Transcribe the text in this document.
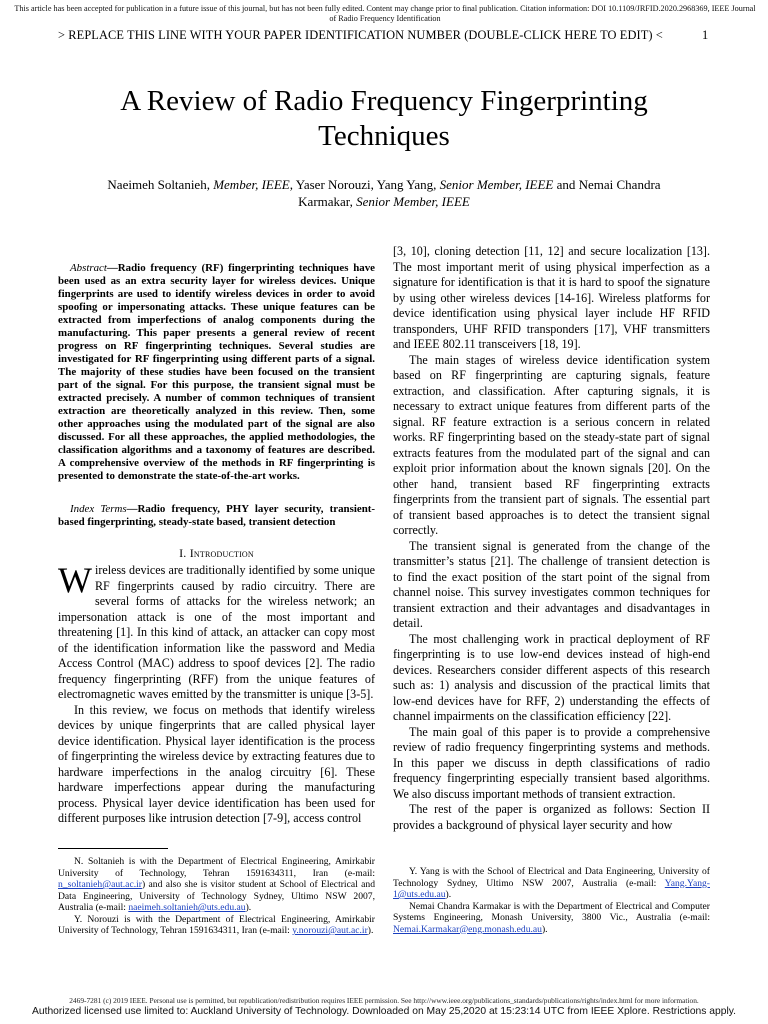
This article has been accepted for publication in a future issue of this journal, but has not been fully edited. Content may change prior to final publication. Citation information: DOI 10.1109/JRFID.2020.2968369, IEEE Journal of Radio Frequency Identification
> REPLACE THIS LINE WITH YOUR PAPER IDENTIFICATION NUMBER (DOUBLE-CLICK HERE TO EDIT) <	1
A Review of Radio Frequency Fingerprinting Techniques
Naeimeh Soltanieh, Member, IEEE, Yaser Norouzi, Yang Yang, Senior Member, IEEE and Nemai Chandra Karmakar, Senior Member, IEEE
Abstract—Radio frequency (RF) fingerprinting techniques have been used as an extra security layer for wireless devices. Unique fingerprints are used to identify wireless devices in order to avoid spoofing or impersonating attacks. These unique features can be extracted from imperfections of analog components during the manufacturing. This paper presents a general review of recent progress on RF fingerprinting techniques. Several studies are investigated for RF fingerprinting using different parts of a signal. The majority of these studies have been focused on the transient part of the signal. For this purpose, the transient signal must be extracted precisely. A number of common techniques of transient extraction are theoretically analyzed in this review. Then, some other approaches using the modulated part of the signal are also discussed. For all these approaches, the applied methodologies, the classification algorithms and a taxonomy of features are described. A comprehensive overview of the methods in RF fingerprinting is presented to demonstrate the state-of-the-art works.
Index Terms—Radio frequency, PHY layer security, transient-based fingerprinting, steady-state based, transient detection
I. Introduction

Wireless devices are traditionally identified by some unique RF fingerprints caused by radio circuitry. There are several forms of attacks for the wireless network; an impersonation attack is one of the most important and threatening [1]. In this kind of attack, an attacker can copy most of the identification information like the password and Media Access Control (MAC) address to spoof devices [2]. The radio frequency fingerprinting (RFF) from the unique features of electromagnetic waves emitted by the transmitter is unique [3-5].

In this review, we focus on methods that identify wireless devices by unique fingerprints that are called physical layer device identification. Physical layer identification is the process of fingerprinting the wireless device by extracting features due to hardware imperfections in the analog circuitry [6]. These hardware imperfections appear during the manufacturing process. Physical layer device identification has been used for different purposes like intrusion detection [7-9], access control

[3, 10], cloning detection [11, 12] and secure localization [13]. The most important merit of using physical imperfection as a signature for identification is that it is hard to spoof the signature by using other wireless devices [14-16]. Wireless platforms for device identification using physical layer include HF RFID transponders, UHF RFID transponders [17], VHF transmitters and IEEE 802.11 transceivers [18, 19].

The main stages of wireless device identification system based on RF fingerprinting are capturing signals, feature extraction, and classification. After capturing signals, it is necessary to extract unique features from different parts of the signal. RF feature extraction is a serious concern in related works. RF fingerprinting based on the steady-state part of signal extracts features from the modulated part of the signal and can exploit prior information about the known signals [20]. On the other hand, transient based RF fingerprinting extracts fingerprints from the transient part of signals. The essential part of transient based approaches is to detect the transient signal correctly.

The transient signal is generated from the change of the transmitter’s status [21]. The challenge of transient detection is to find the exact position of the start point of the signal from channel noise. This survey investigates common techniques for transient extraction and their advantages and disadvantages in detail.

The most challenging work in practical deployment of RF fingerprinting is to use low-end devices instead of high-end devices. Researchers consider different aspects of this research such as: 1) analysis and discussion of the practical limits that low-end devices have for RFF, 2) understanding the effects of channel impairments on the classification efficiency [22].

The main goal of this paper is to provide a comprehensive review of radio frequency fingerprinting systems and methods. In this paper we discuss in depth classifications of radio frequency fingerprinting especially transient based algorithms. We also discuss important methods of transient extraction.

The rest of the paper is organized as follows: Section II provides a background of physical layer security and how

N. Soltanieh is with the Department of Electrical Engineering, Amirkabir University of Technology, Tehran 1591634311, Iran (e-mail: n_soltanieh@aut.ac.ir) and also she is visitor student at School of Electrical and Data Engineering, University of Technology Sydney, Ultimo NSW 2007, Australia (e-mail: naeimeh.soltanieh@uts.edu.au).

Y. Norouzi is with the Department of Electrical Engineering, Amirkabir University of Technology, Tehran 1591634311, Iran (e-mail: y.norouzi@aut.ac.ir).

Y. Yang is with the School of Electrical and Data Engineering, University of Technology Sydney, Ultimo NSW 2007, Australia (e-mail: Yang.Yang-1@uts.edu.au).

Nemai Chandra Karmakar is with the Department of Electrical and Computer Systems Engineering, Monash University, 3800 Vic., Australia (e-mail: Nemai.Karmakar@eng.monash.edu.au).

2469-7281 (c) 2019 IEEE. Personal use is permitted, but republication/redistribution requires IEEE permission. See http://www.ieee.org/publications_standards/publications/rights/index.html for more information.
Authorized licensed use limited to: Auckland University of Technology. Downloaded on May 25,2020 at 15:23:14 UTC from IEEE Xplore. Restrictions apply.
